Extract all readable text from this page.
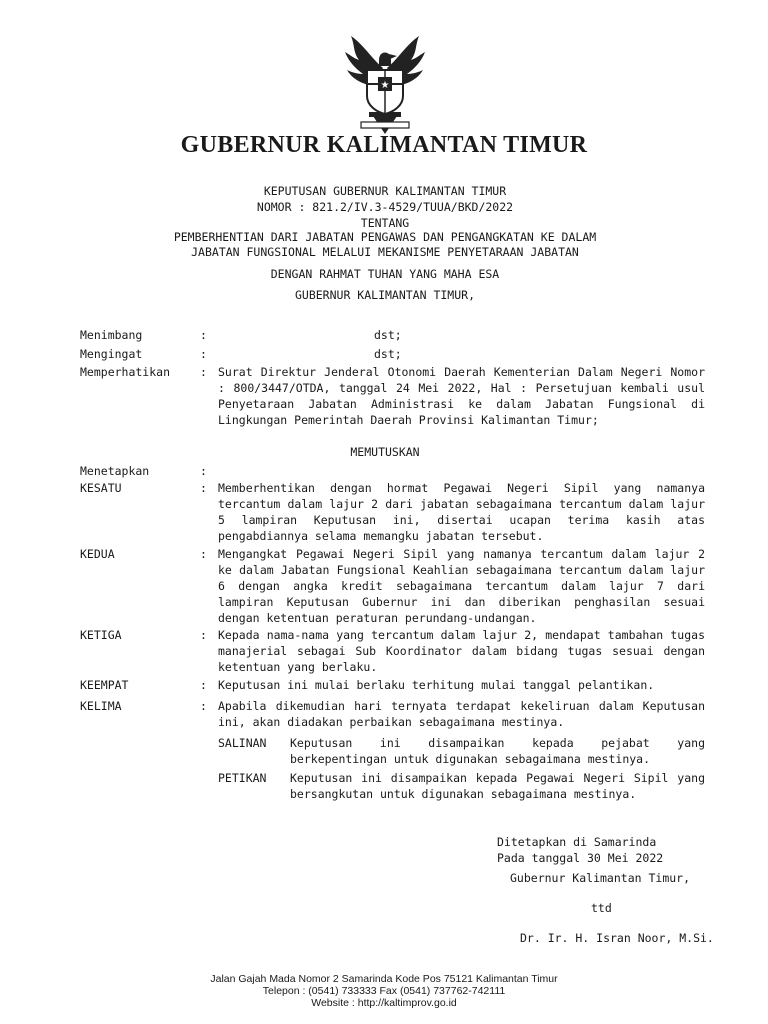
★
GUBERNUR KALIMANTAN TIMUR
KEPUTUSAN GUBERNUR KALIMANTAN TIMUR
NOMOR : 821.2/IV.3-4529/TUUA/BKD/2022
TENTANG
PEMBERHENTIAN DARI JABATAN PENGAWAS DAN PENGANGKATAN KE DALAM
JABATAN FUNGSIONAL MELALUI MEKANISME PENYETARAAN JABATAN
DENGAN RAHMAT TUHAN YANG MAHA ESA
GUBERNUR KALIMANTAN TIMUR,
Menimbang	:	dst;
Mengingat	:	dst;
Memperhatikan	: Surat Direktur Jenderal Otonomi Daerah Kementerian Dalam Negeri Nomor : 800/3447/OTDA, tanggal 24 Mei 2022, Hal : Persetujuan kembali usul Penyetaraan Jabatan Administrasi ke dalam Jabatan Fungsional di Lingkungan Pemerintah Daerah Provinsi Kalimantan Timur;
MEMUTUSKAN
Menetapkan	:
KESATU	: Memberhentikan dengan hormat Pegawai Negeri Sipil yang namanya tercantum dalam lajur 2 dari jabatan sebagaimana tercantum dalam lajur 5 lampiran Keputusan ini, disertai ucapan terima kasih atas pengabdiannya selama memangku jabatan tersebut.
KEDUA	: Mengangkat Pegawai Negeri Sipil yang namanya tercantum dalam lajur 2 ke dalam Jabatan Fungsional Keahlian sebagaimana tercantum dalam lajur 6 dengan angka kredit sebagaimana tercantum dalam lajur 7 dari lampiran Keputusan Gubernur ini dan diberikan penghasilan sesuai dengan ketentuan peraturan perundang-undangan.
KETIGA	: Kepada nama-nama yang tercantum dalam lajur 2, mendapat tambahan tugas manajerial sebagai Sub Koordinator dalam bidang tugas sesuai dengan ketentuan yang berlaku.
KEEMPAT	: Keputusan ini mulai berlaku terhitung mulai tanggal pelantikan.
KELIMA	: Apabila dikemudian hari ternyata terdapat kekeliruan dalam Keputusan ini, akan diadakan perbaikan sebagaimana mestinya.
SALINAN Keputusan ini disampaikan kepada pejabat yang berkepentingan untuk digunakan sebagaimana mestinya.
PETIKAN Keputusan ini disampaikan kepada Pegawai Negeri Sipil yang bersangkutan untuk digunakan sebagaimana mestinya.
Ditetapkan di Samarinda
Pada tanggal 30 Mei 2022
Gubernur Kalimantan Timur,
ttd
Dr. Ir. H. Isran Noor, M.Si.
Jalan Gajah Mada Nomor 2 Samarinda Kode Pos 75121 Kalimantan Timur
Telepon : (0541) 733333 Fax (0541) 737762-742111
Website : http://kaltimprov.go.id
